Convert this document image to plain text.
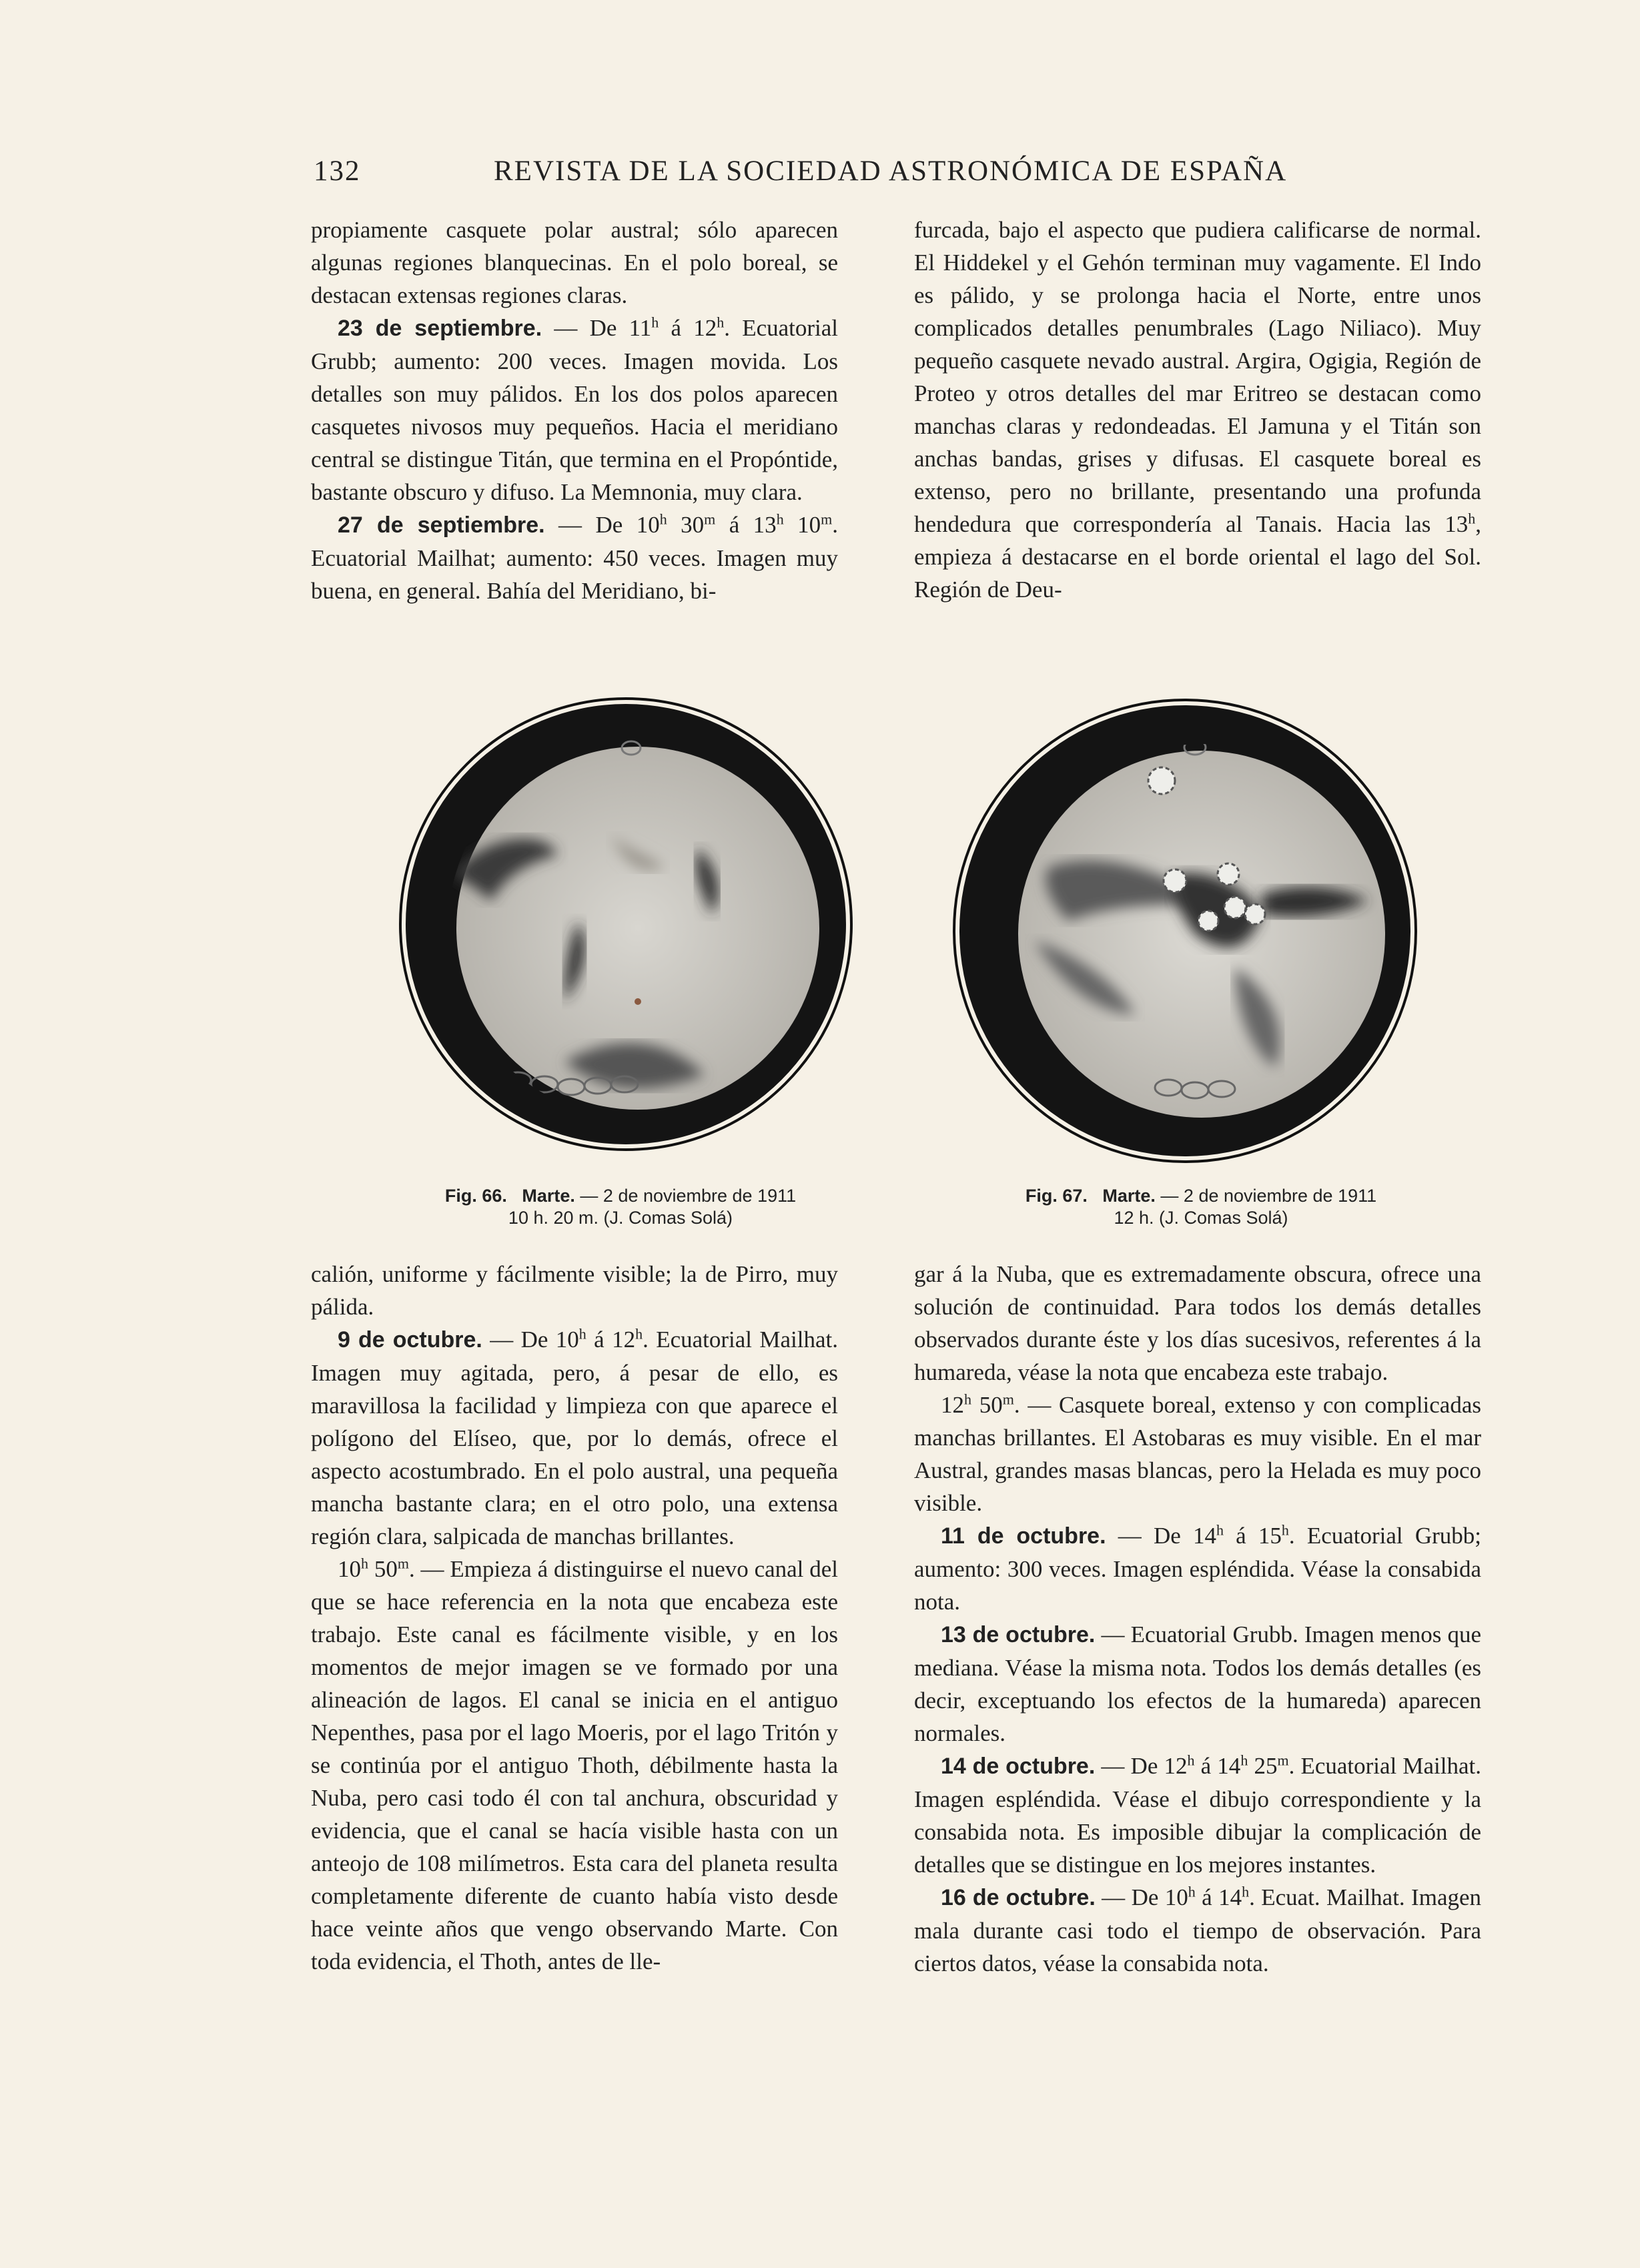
132	REVISTA DE LA SOCIEDAD ASTRONÓMICA DE ESPAÑA

propiamente casquete polar austral; sólo aparecen algunas regiones blanquecinas. En el polo boreal, se destacan extensas regiones claras.

23 de septiembre. — De 11$^h$ á 12$^h$. Ecuatorial Grubb; aumento: 200 veces. Imagen movida. Los detalles son muy pálidos. En los dos polos aparecen casquetes nivosos muy pequeños. Hacia el meridiano central se distingue Titán, que termina en el Propóntide, bastante obscuro y difuso. La Memnonia, muy clara.

27 de septiembre. — De 10$^h$ 30$^m$ á 13$^h$ 10$^m$. Ecuatorial Mailhat; aumento: 450 veces. Imagen muy buena, en general. Bahía del Meridiano, bi-

furcada, bajo el aspecto que pudiera calificarse de normal. El Hiddekel y el Gehón terminan muy vagamente. El Indo es pálido, y se prolonga hacia el Norte, entre unos complicados detalles penumbrales (Lago Niliaco). Muy pequeño casquete nevado austral. Argira, Ogigia, Región de Proteo y otros detalles del mar Eritreo se destacan como manchas claras y redondeadas. El Jamuna y el Titán son anchas bandas, grises y difusas. El casquete boreal es extenso, pero no brillante, presentando una profunda hendedura que correspondería al Tanais. Hacia las 13$^h$, empieza á destacarse en el borde oriental el lago del Sol. Región de Deu-

Fig. 66. Marte. — 2 de noviembre de 1911
10 h. 20 m. (J. Comas Solá)
Fig. 67. Marte. — 2 de noviembre de 1911
12 h. (J. Comas Solá)

calión, uniforme y fácilmente visible; la de Pirro, muy pálida.

9 de octubre. — De 10$^h$ á 12$^h$. Ecuatorial Mailhat. Imagen muy agitada, pero, á pesar de ello, es maravillosa la facilidad y limpieza con que aparece el polígono del Elíseo, que, por lo demás, ofrece el aspecto acostumbrado. En el polo austral, una pequeña mancha bastante clara; en el otro polo, una extensa región clara, salpicada de manchas brillantes.

10$^h$ 50$^m$. — Empieza á distinguirse el nuevo canal del que se hace referencia en la nota que encabeza este trabajo. Este canal es fácilmente visible, y en los momentos de mejor imagen se ve formado por una alineación de lagos. El canal se inicia en el antiguo Nepenthes, pasa por el lago Moeris, por el lago Tritón y se continúa por el antiguo Thoth, débilmente hasta la Nuba, pero casi todo él con tal anchura, obscuridad y evidencia, que el canal se hacía visible hasta con un anteojo de 108 milímetros. Esta cara del planeta resulta completamente diferente de cuanto había visto desde hace veinte años que vengo observando Marte. Con toda evidencia, el Thoth, antes de lle-

gar á la Nuba, que es extremadamente obscura, ofrece una solución de continuidad. Para todos los demás detalles observados durante éste y los días sucesivos, referentes á la humareda, véase la nota que encabeza este trabajo.

12$^h$ 50$^m$. — Casquete boreal, extenso y con complicadas manchas brillantes. El Astobaras es muy visible. En el mar Austral, grandes masas blancas, pero la Helada es muy poco visible.

11 de octubre. — De 14$^h$ á 15$^h$. Ecuatorial Grubb; aumento: 300 veces. Imagen espléndida. Véase la consabida nota.

13 de octubre. — Ecuatorial Grubb. Imagen menos que mediana. Véase la misma nota. Todos los demás detalles (es decir, exceptuando los efectos de la humareda) aparecen normales.

14 de octubre. — De 12$^h$ á 14$^h$ 25$^m$. Ecuatorial Mailhat. Imagen espléndida. Véase el dibujo correspondiente y la consabida nota. Es imposible dibujar la complicación de detalles que se distingue en los mejores instantes.

16 de octubre. — De 10$^h$ á 14$^h$. Ecuat. Mailhat. Imagen mala durante casi todo el tiempo de observación. Para ciertos datos, véase la consabida nota.
